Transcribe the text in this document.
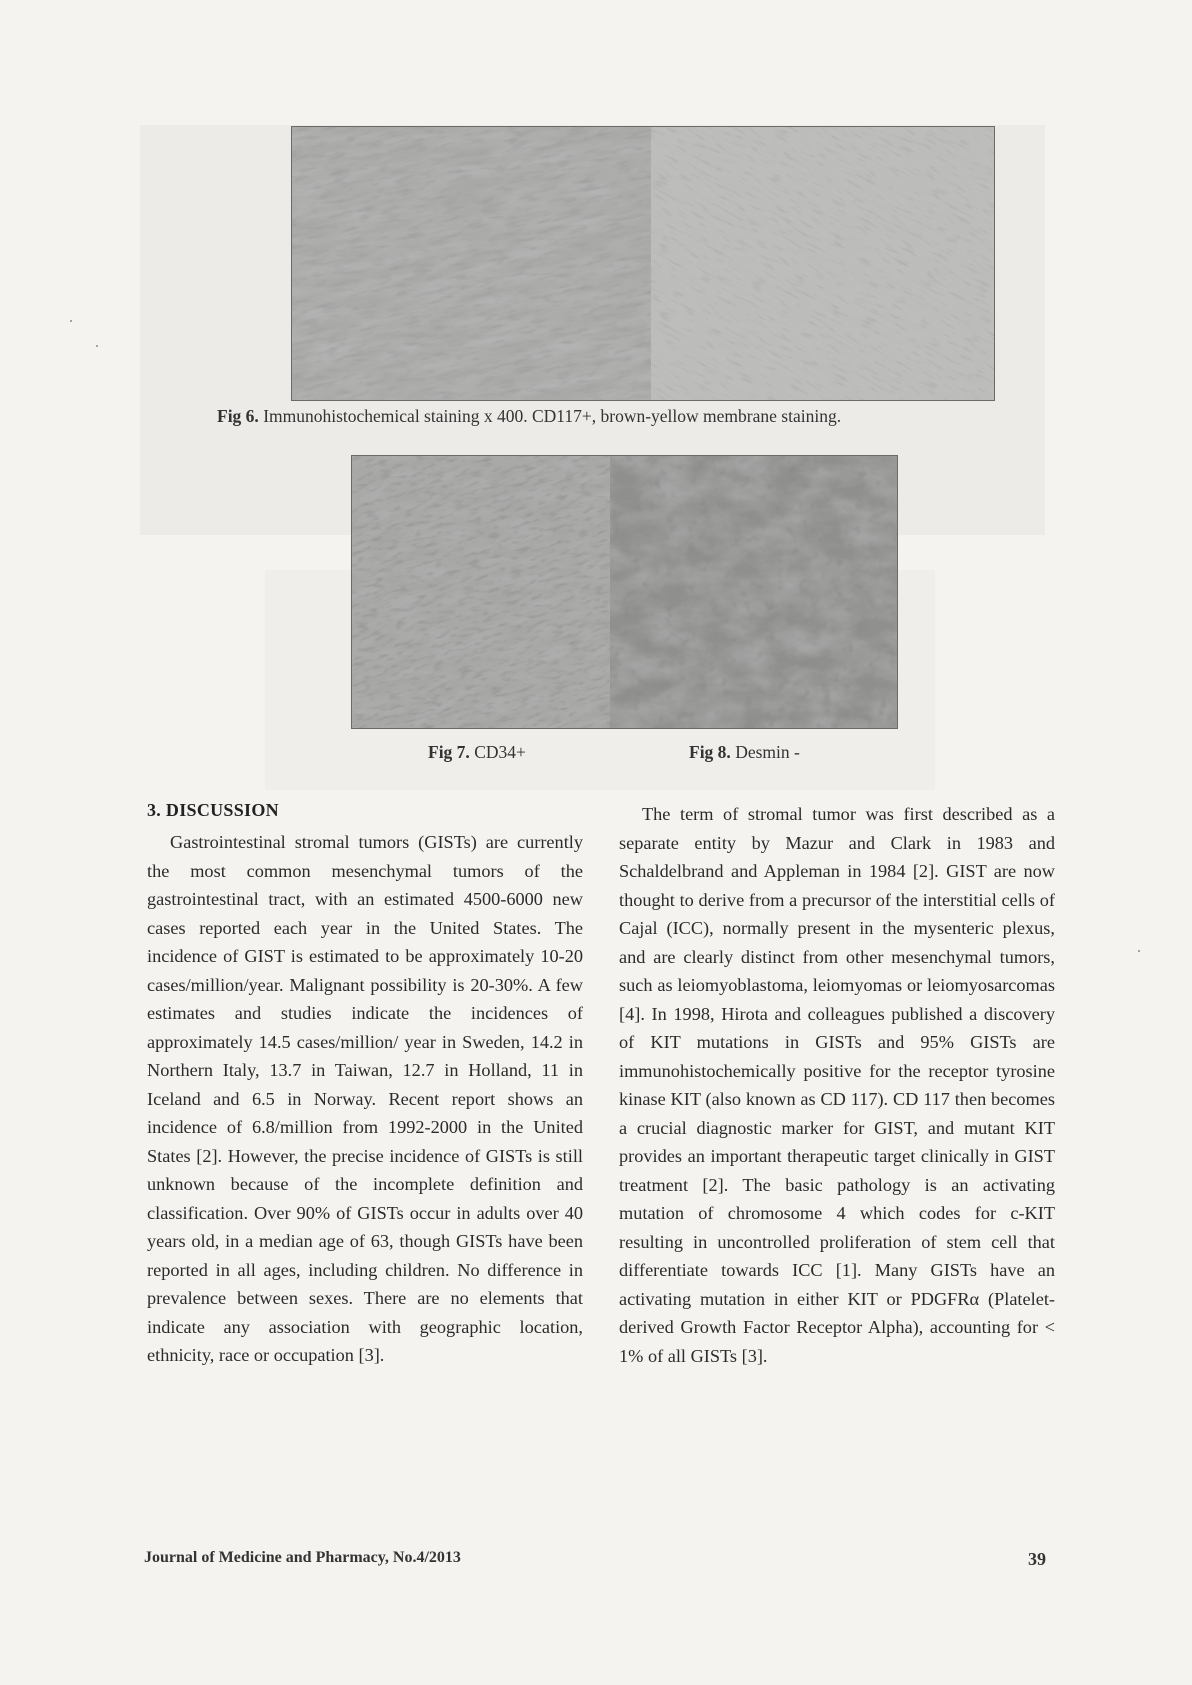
Fig 6. Immunohistochemical staining x 400. CD117+, brown-yellow membrane staining.
Fig 7. CD34+	Fig 8. Desmin -
3. DISCUSSION

Gastrointestinal stromal tumors (GISTs) are currently the most common mesenchymal tumors of the gastrointestinal tract, with an estimated 4500-6000 new cases reported each year in the United States. The incidence of GIST is estimated to be approximately 10-20 cases/million/year. Malignant possibility is 20-30%. A few estimates and studies indicate the incidences of approximately 14.5 cases/million/ year in Sweden, 14.2 in Northern Italy, 13.7 in Taiwan, 12.7 in Holland, 11 in Iceland and 6.5 in Norway. Recent report shows an incidence of 6.8/million from 1992-2000 in the United States [2]. However, the precise incidence of GISTs is still unknown because of the incomplete definition and classification. Over 90% of GISTs occur in adults over 40 years old, in a median age of 63, though GISTs have been reported in all ages, including children. No difference in prevalence between sexes. There are no elements that indicate any association with geographic location, ethnicity, race or occupation [3].

The term of stromal tumor was first described as a separate entity by Mazur and Clark in 1983 and Schaldelbrand and Appleman in 1984 [2]. GIST are now thought to derive from a precursor of the interstitial cells of Cajal (ICC), normally present in the mysenteric plexus, and are clearly distinct from other mesenchymal tumors, such as leiomyoblastoma, leiomyomas or leiomyosarcomas [4]. In 1998, Hirota and colleagues published a discovery of KIT mutations in GISTs and 95% GISTs are immunohistochemically positive for the receptor tyrosine kinase KIT (also known as CD 117). CD 117 then becomes a crucial diagnostic marker for GIST, and mutant KIT provides an important therapeutic target clinically in GIST treatment [2]. The basic pathology is an activating mutation of chromosome 4 which codes for c-KIT resulting in uncontrolled proliferation of stem cell that differentiate towards ICC [1]. Many GISTs have an activating mutation in either KIT or PDGFRα (Platelet-derived Growth Factor Receptor Alpha), accounting for < 1% of all GISTs [3].

Journal of Medicine and Pharmacy, No.4/2013	39
